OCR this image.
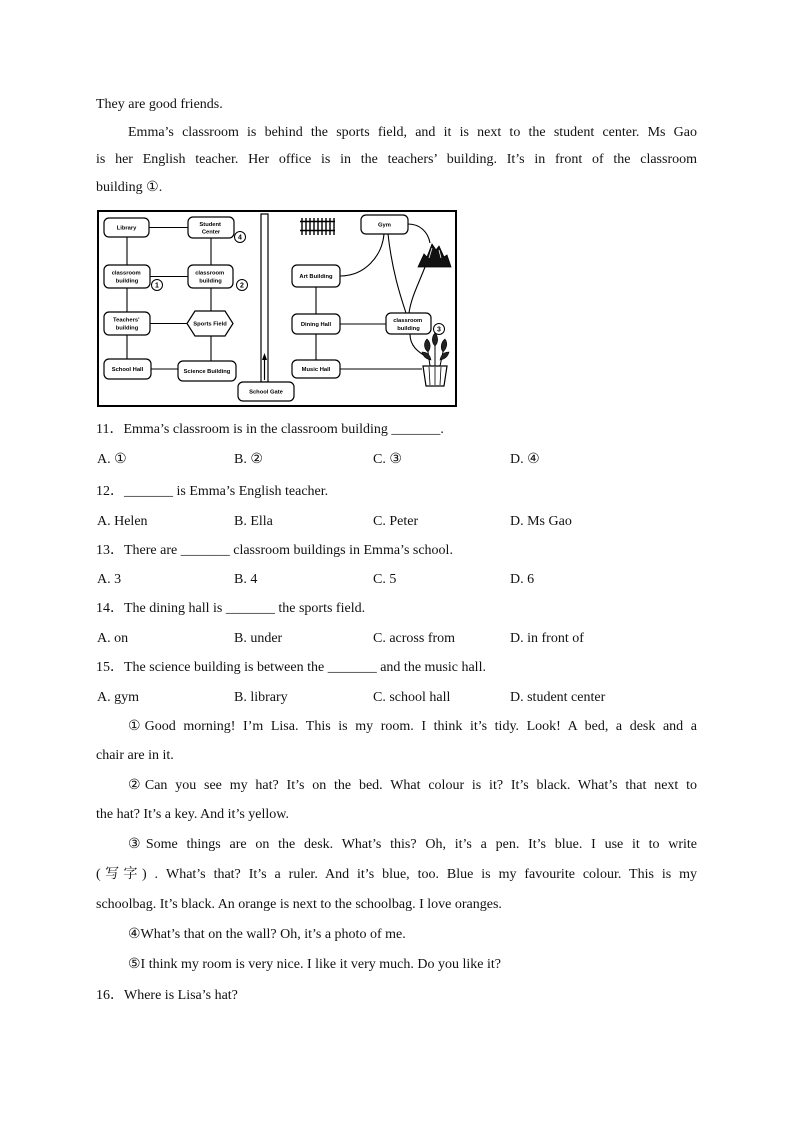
They are good friends.
Emma’s classroom is behind the sports field, and it is next to the student center. Ms Gao
is her English teacher. Her office is in the teachers’ building. It’s in front of the classroom
building ①.
School Gate
Library
classroom building
1
Teachers’ building
School Hall
Student Center
4
classroom building
2
Sports Field
Science Building
Art Building
Dining Hall
Music Hall
Gym
classroom building	3
11．Emma’s classroom is in the classroom building _______.
A. ①	B. ②	C. ③	D. ④
12．_______ is Emma’s English teacher.
A. Helen	B. Ella	C. Peter	D. Ms Gao
13．There are _______ classroom buildings in Emma’s school.
A. 3	B. 4	C. 5	D. 6
14．The dining hall is _______ the sports field.
A. on	B. under	C. across from	D. in front of
15．The science building is between the _______ and the music hall.
A. gym	B. library	C. school hall	D. student center
①Good morning! I’m Lisa. This is my room. I think it’s tidy. Look! A bed, a desk and a
chair are in it.
②Can you see my hat? It’s on the bed. What colour is it? It’s black. What’s that next to
the hat? It’s a key. And it’s yellow.
③Some things are on the desk. What’s this? Oh, it’s a pen. It’s blue. I use it to write
(写字) . What’s that? It’s a ruler. And it’s blue, too. Blue is my favourite colour. This is my
schoolbag. It’s black. An orange is next to the schoolbag. I love oranges.
④What’s that on the wall? Oh, it’s a photo of me.
⑤I think my room is very nice. I like it very much. Do you like it?
16．Where is Lisa’s hat?
